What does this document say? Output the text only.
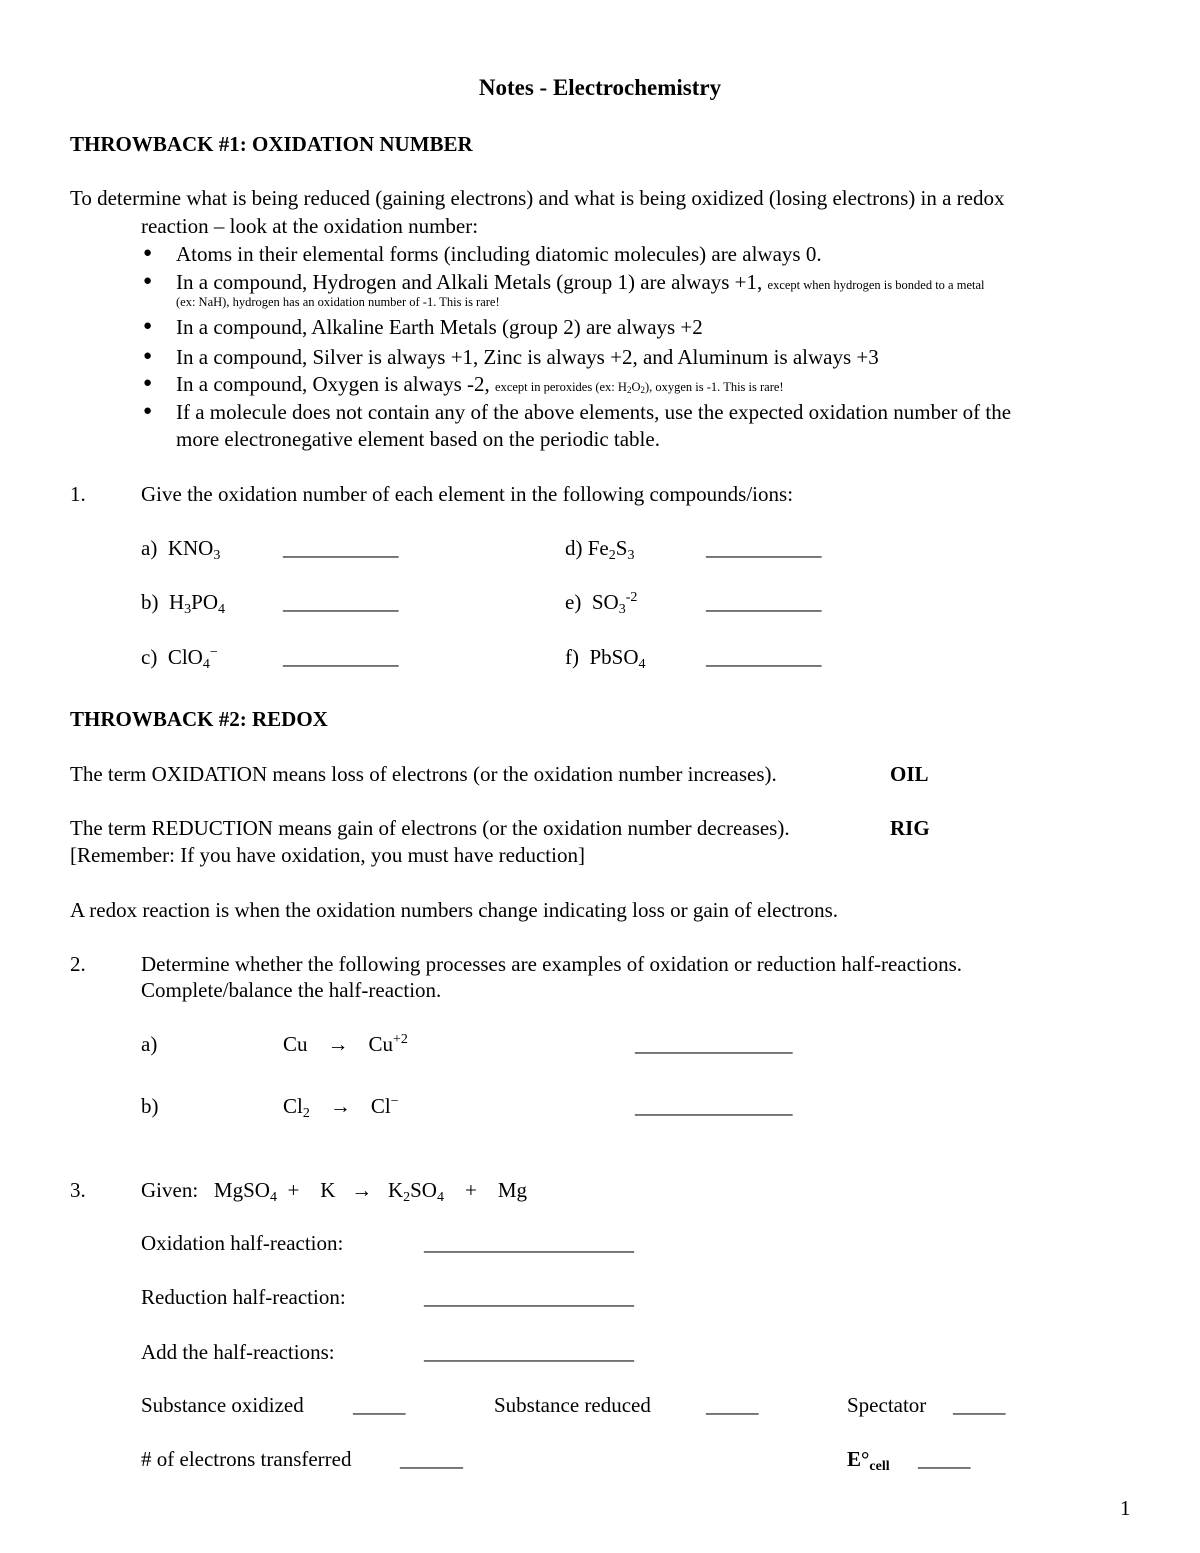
Notes - Electrochemistry
THROWBACK #1: OXIDATION NUMBER
To determine what is being reduced (gaining electrons) and what is being oxidized (losing electrons) in a redox
reaction – look at the oxidation number:
● Atoms in their elemental forms (including diatomic molecules) are always 0.
● In a compound, Hydrogen and Alkali Metals (group 1) are always +1, except when hydrogen is bonded to a metal
(ex: NaH), hydrogen has an oxidation number of -1. This is rare!
● In a compound, Alkaline Earth Metals (group 2) are always +2
● In a compound, Silver is always +1, Zinc is always +2, and Aluminum is always +3
● In a compound, Oxygen is always -2, except in peroxides (ex: H2O2), oxygen is -1. This is rare!
● If a molecule does not contain any of the above elements, use the expected oxidation number of the
more electronegative element based on the periodic table.
1.	Give the oxidation number of each element in the following compounds/ions:
a) $KNO_3$	___________	d) $Fe_2S_3$	___________
b) $H_3PO_4$	___________	e) $SO_3^{-2}$	___________
c) ClO$_4$−	___________	f) PbSO$_4$	___________
THROWBACK #2: REDOX
The term OXIDATION means loss of electrons (or the oxidation number increases).	OIL
The term REDUCTION means gain of electrons (or the oxidation number decreases).	RIG
[Remember: If you have oxidation, you must have reduction]
A redox reaction is when the oxidation numbers change indicating loss or gain of electrons.
2.	Determine whether the following processes are examples of oxidation or reduction half-reactions.
Complete/balance the half-reaction.
a)	$Cu \to Cu^{+2}$	_______________
b)	$Cl_2 \to Cl^-$	_______________
3.	Given: MgSO$_4$ + $K \to K_2SO_4 + Mg$
Oxidation half-reaction:	____________________
Reduction half-reaction:	____________________
Add the half-reactions:	____________________
Substance oxidized _____	Substance reduced	_____	Spectator _____
# of electrons transferred ______	$E^\circ_{cell}$ _____
1
